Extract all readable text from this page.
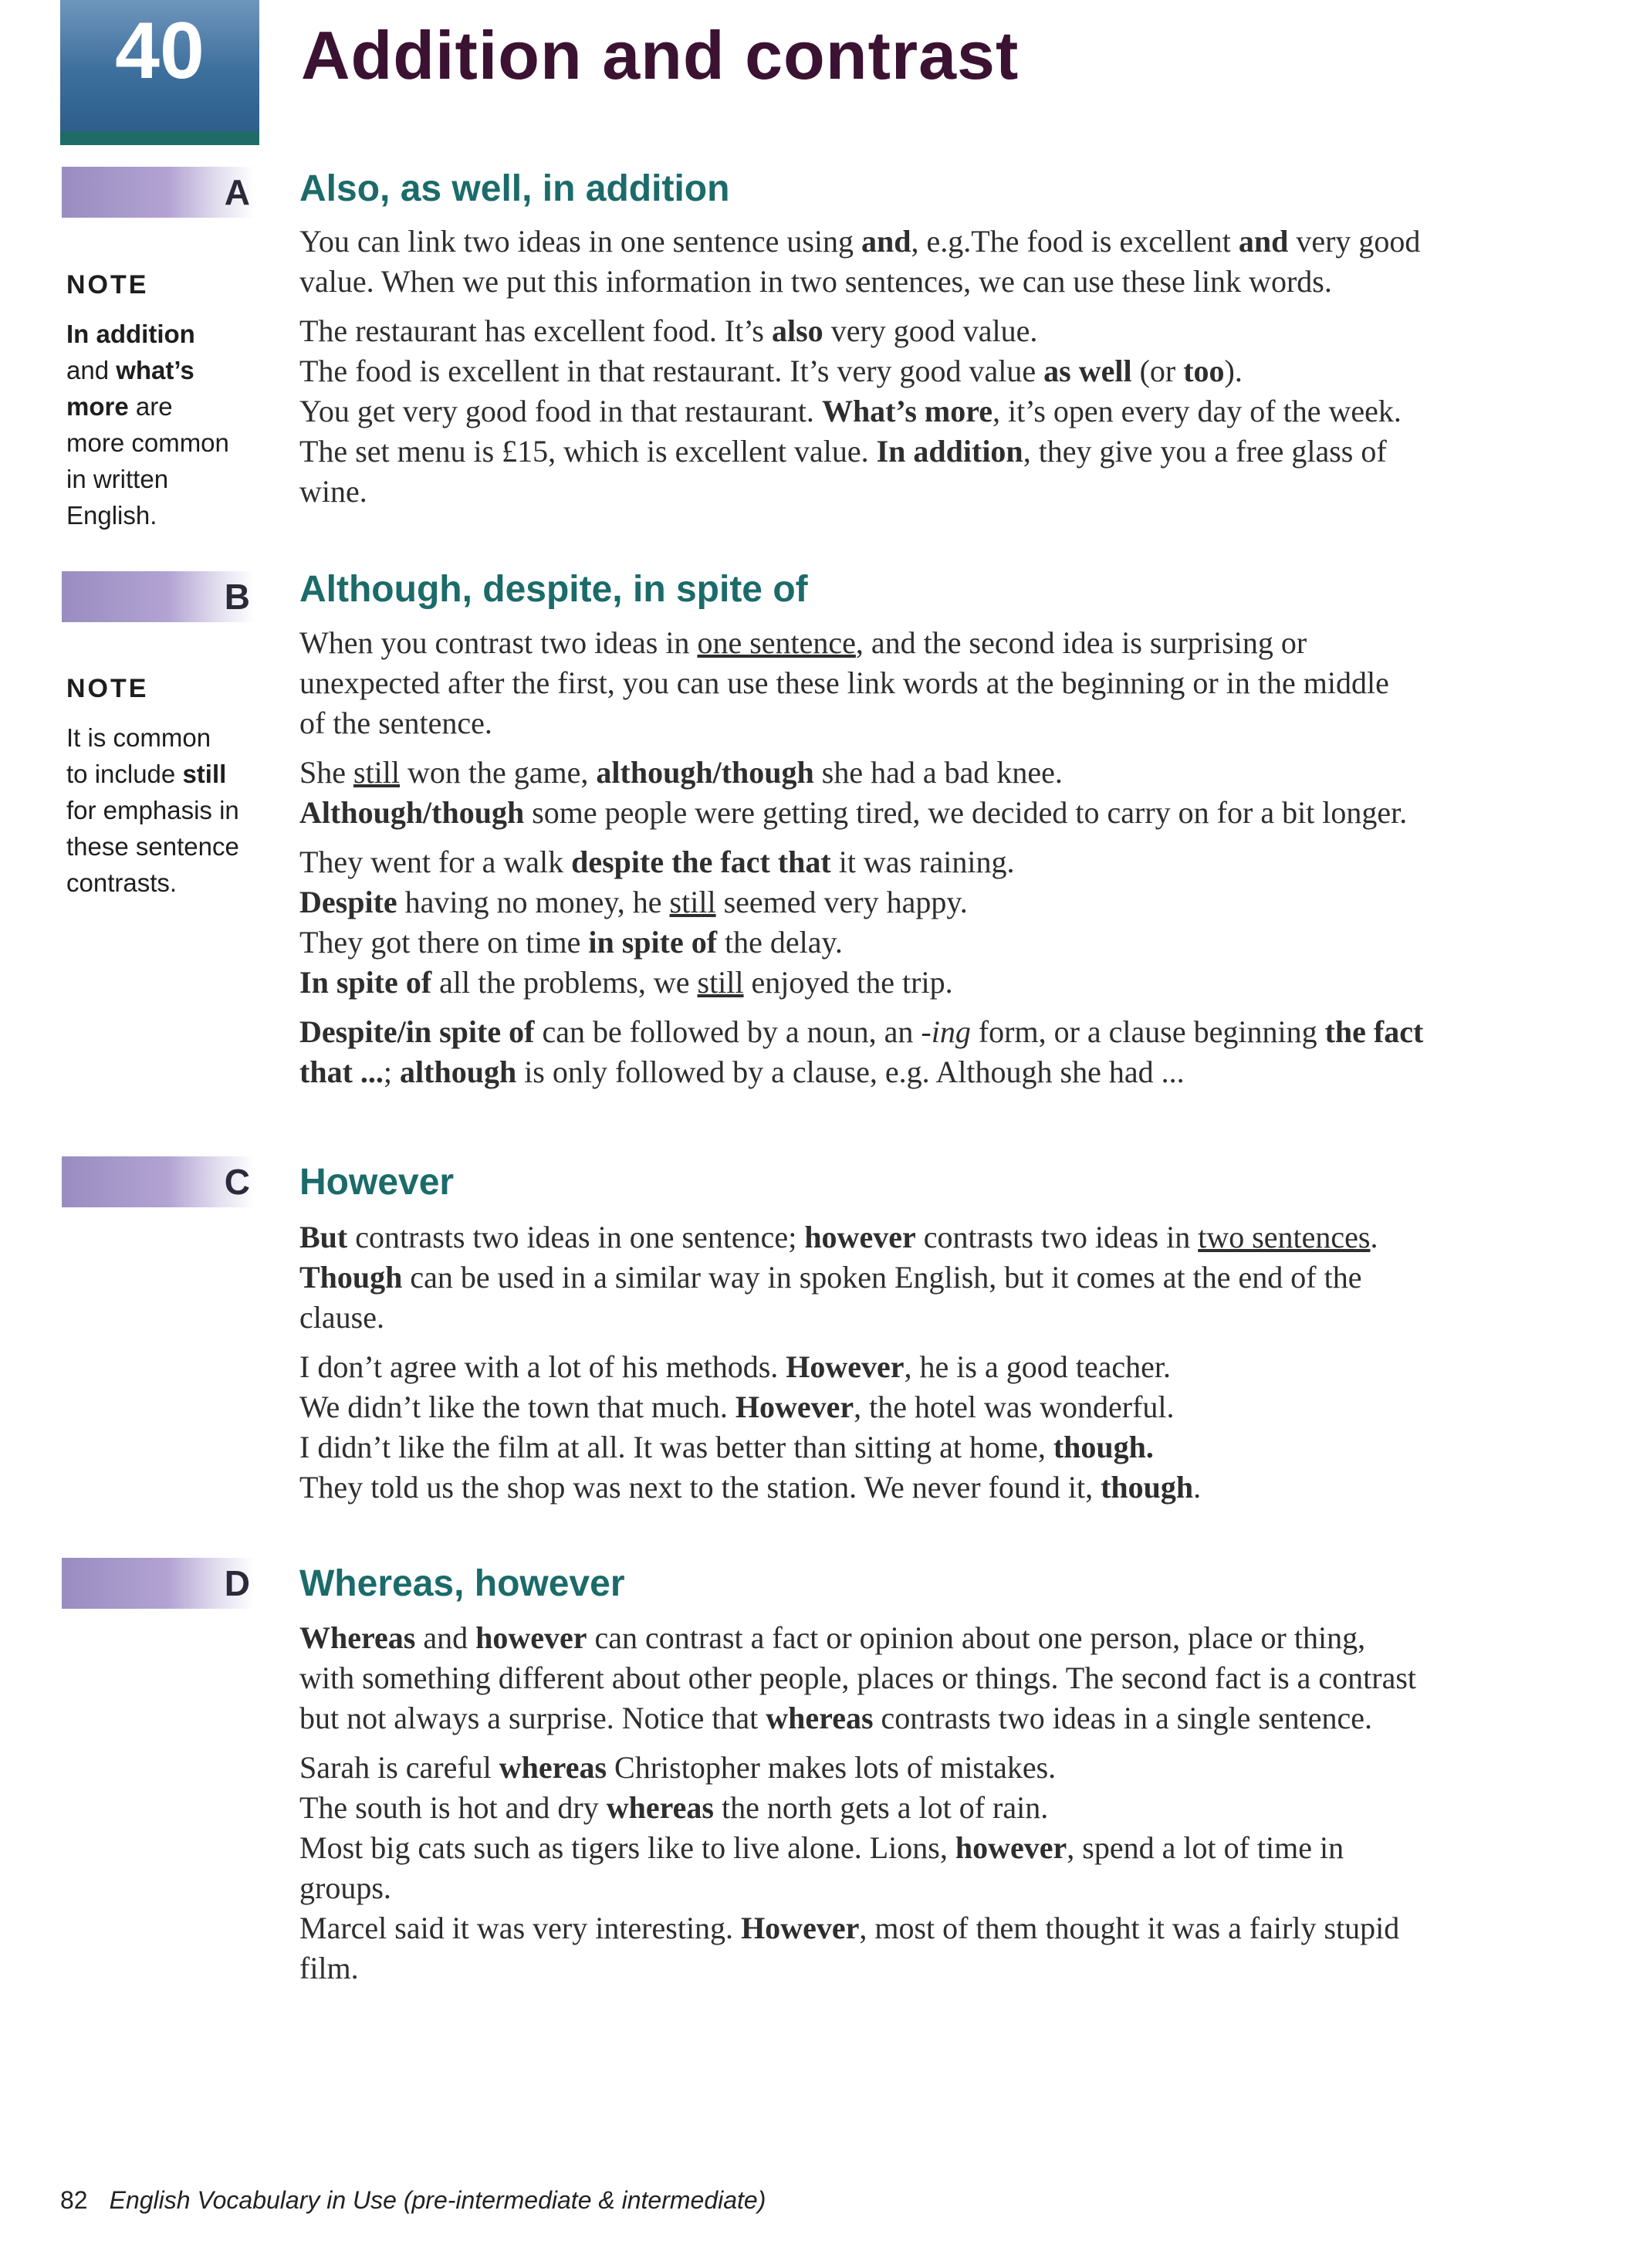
40	Addition and contrast
A Also, as well, in addition
You can link two ideas in one sentence using and, e.g.The food is excellent and very good
value. When we put this information in two sentences, we can use these link words.
The restaurant has excellent food. It’s also very good value.
The food is excellent in that restaurant. It’s very good value as well (or too).
You get very good food in that restaurant. What’s more, it’s open every day of the week.
The set menu is £15, which is excellent value. In addition, they give you a free glass of
wine.
NOTE
In addition
and what’s
more are
more common
in written
English.
B Although, despite, in spite of
When you contrast two ideas in one sentence, and the second idea is surprising or
unexpected after the first, you can use these link words at the beginning or in the middle
of the sentence.
She still won the game, although/though she had a bad knee.
Although/though some people were getting tired, we decided to carry on for a bit longer.
They went for a walk despite the fact that it was raining.
Despite having no money, he still seemed very happy.
They got there on time in spite of the delay.
In spite of all the problems, we still enjoyed the trip.
Despite/in spite of can be followed by a noun, an -ing form, or a clause beginning the fact
that ...; although is only followed by a clause, e.g. Although she had ...
NOTE
It is common
to include still
for emphasis in
these sentence
contrasts.
C However
But contrasts two ideas in one sentence; however contrasts two ideas in two sentences.
Though can be used in a similar way in spoken English, but it comes at the end of the
clause.
I don’t agree with a lot of his methods. However, he is a good teacher.
We didn’t like the town that much. However, the hotel was wonderful.
I didn’t like the film at all. It was better than sitting at home, though.
They told us the shop was next to the station. We never found it, though.
D Whereas, however
Whereas and however can contrast a fact or opinion about one person, place or thing,
with something different about other people, places or things. The second fact is a contrast
but not always a surprise. Notice that whereas contrasts two ideas in a single sentence.
Sarah is careful whereas Christopher makes lots of mistakes.
The south is hot and dry whereas the north gets a lot of rain.
Most big cats such as tigers like to live alone. Lions, however, spend a lot of time in
groups.
Marcel said it was very interesting. However, most of them thought it was a fairly stupid
film.
82 English Vocabulary in Use (pre-intermediate & intermediate)
